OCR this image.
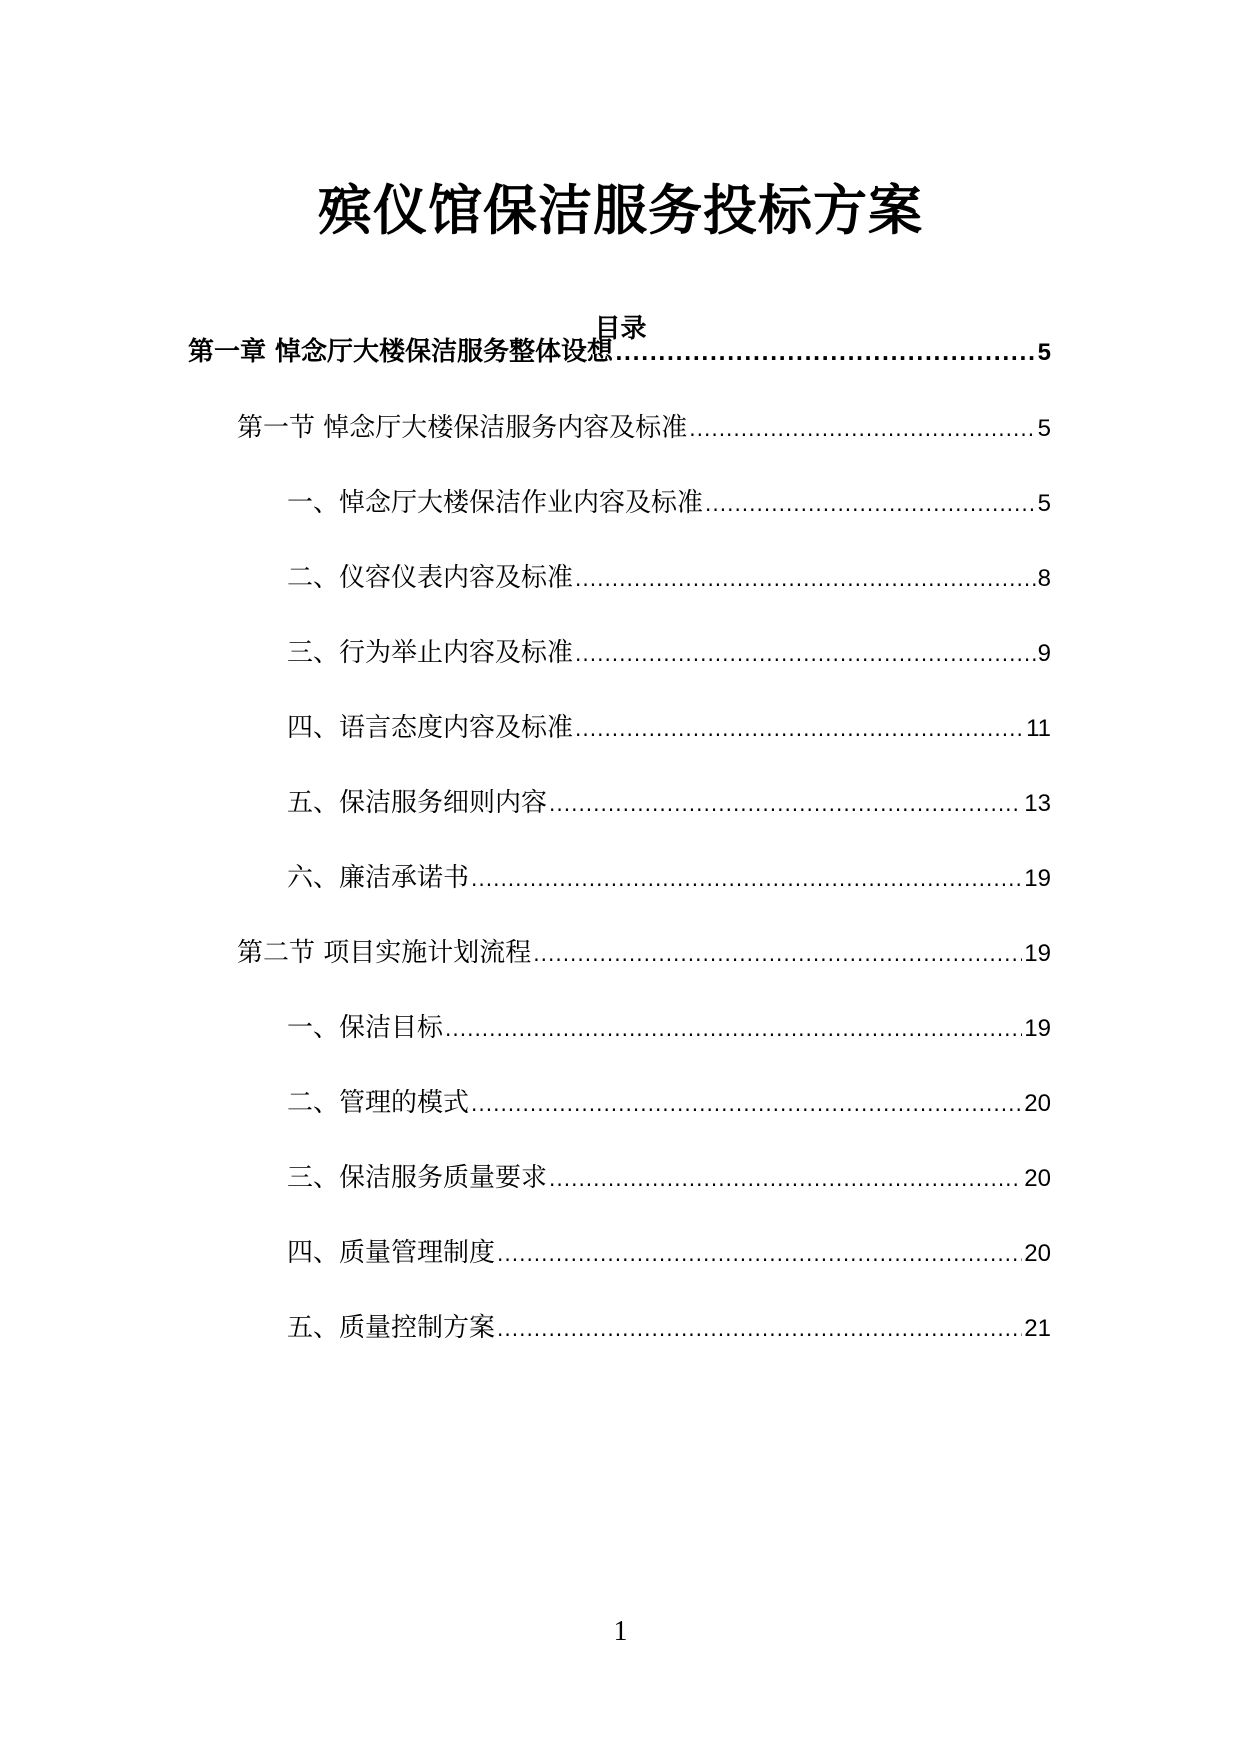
殡仪馆保洁服务投标方案
目录
第一章 悼念厅大楼保洁服务整体设想 .....	5
第一节 悼念厅大楼保洁服务内容及标准 .....	5
一、悼念厅大楼保洁作业内容及标准 .....	5
二、仪容仪表内容及标准 .....	8
三、行为举止内容及标准 .....	9
四、语言态度内容及标准 .....	11
五、保洁服务细则内容 .....	13
六、廉洁承诺书 .....	19
第二节 项目实施计划流程 .....	19
一、保洁目标 .....	19
二、管理的模式 .....	20
三、保洁服务质量要求 .....	20
四、质量管理制度 .....	20
五、质量控制方案 .....	21
1
